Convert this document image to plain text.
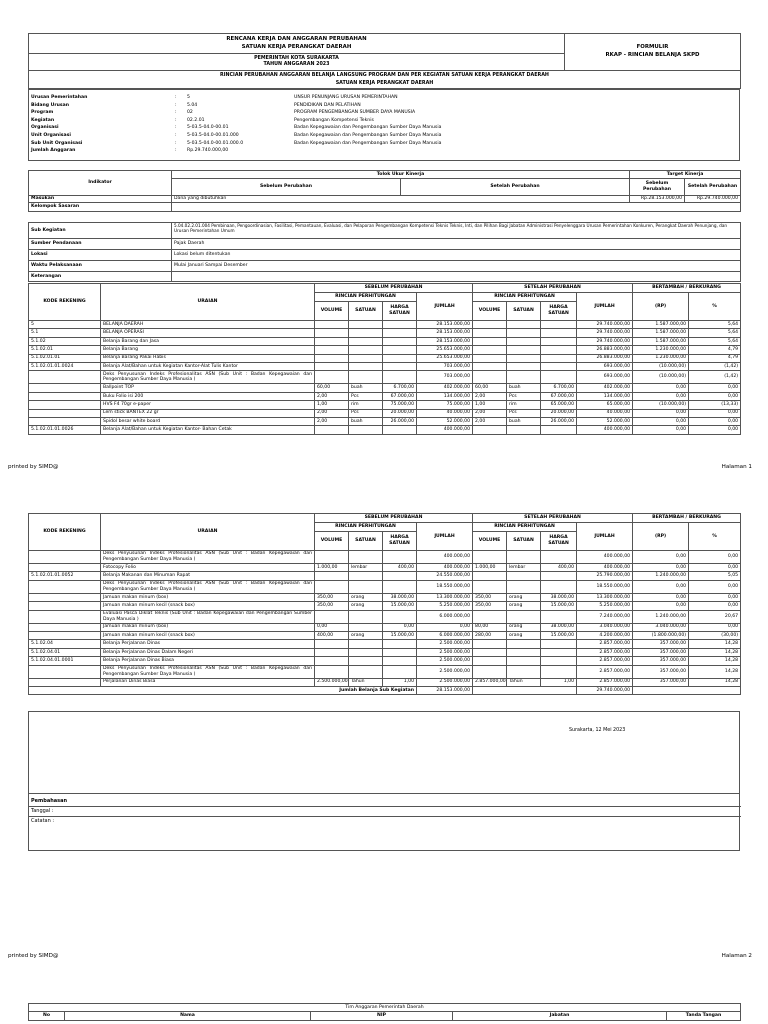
RENCANA KERJA DAN ANGGARAN PERUBAHAN
SATUAN KERJA PERANGKAT DAERAH	FORMULIR
RKAP - RINCIAN BELANJA SKPD

PEMERINTAH KOTA SURAKARTA
TAHUN ANGGARAN 2023

RINCIAN PERUBAHAN ANGGARAN BELANJA LANGSUNG PROGRAM DAN PER KEGIATAN SATUAN KERJA PERANGKAT DAERAH
SATUAN KERJA PERANGKAT DAERAH
Urusan Pemerintahan	: 5	UNSUR PENUNJANG URUSAN PEMERINTAHAN
Bidang Urusan	: 5.04	PENDIDIKAN DAN PELATIHAN
Program	: 02	PROGRAM PENGEMBANGAN SUMBER DAYA MANUSIA
Kegiatan	: 02.2.01	Pengembangan Kompetensi Teknis
Organisasi	: 5-03.5-04.0-00.01	Badan Kepegawaian dan Pengembangan Sumber Daya Manusia
Unit Organisasi	: 5-03.5-04.0-00.01.000	Badan Kepegawaian dan Pengembangan Sumber Daya Manusia
Sub Unit Organisasi	: 5-03.5-04.0-00.01.000.0	Badan Kepegawaian dan Pengembangan Sumber Daya Manusia
Jumlah Anggaran	: Rp.29.740.000,00
Indikator	Tolok Ukur Kinerja		Target Kinerja	
	Sebelum Perubahan	Setelah Perubahan	Sebelum Perubahan	Setelah Perubahan
Masukan	Dana yang dibutuhkan		Rp.28.153.000,00	Rp.29.740.000,00
Kelompok Sasaran				
Sub Kegiatan	5.04.02.2.01.004 Pembinaan, Pengoordinasian, Fasilitasi, Pemantauan, Evaluasi, dan Pelaporan Pengembangan Kompetensi Teknis Teknis, Inti, dan Pilihan Bagi Jabatan Administrasi Penyelenggara Urusan Pemerintahan Konkuren, Perangkat Daerah Penunjang, dan Urusan Pemerintahan Umum
Sumber Pendanaan	Pajak Daerah
Lokasi	Lokasi belum ditentukan
Waktu Pelaksanaan	Mulai Januari Sampai Desember
Keterangan	
KODE REKENING	URAIAN	SEBELUM PERUBAHAN				SETELAH PERUBAHAN				BERTAMBAH / BERKURANG	
		RINCIAN PERHITUNGAN			JUMLAH	RINCIAN PERHITUNGAN			JUMLAH	(RP)	%
		VOLUME	SATUAN	HARGA SATUAN		VOLUME	SATUAN	HARGA SATUAN			
5	BELANJA DAERAH				28.153.000,00				29.740.000,00	1.587.000,00	5,64
5.1	BELANJA OPERASI				28.153.000,00				29.740.000,00	1.587.000,00	5,64
5.1.02	Belanja Barang dan Jasa				28.153.000,00				29.740.000,00	1.587.000,00	5,64
5.1.02.01	Belanja Barang				25.653.000,00				26.883.000,00	1.230.000,00	4,79
5.1.02.01.01	Belanja Barang Pakai Habis				25.653.000,00				26.883.000,00	1.230.000,00	4,79
5.1.02.01.01.0024	Belanja Alat/Bahan untuk Kegiatan Kantor-Alat Tulis Kantor				703.000,00				693.000,00	(10.000,00)	(1,42)
	Deks Penyusunan Indeks Profesionalitas ASN (Sub Unit : Badan Kepegawaian dan Pengembangan Sumber Daya Manusia )				703.000,00				693.000,00	(10.000,00)	(1,42)
	Ballpoint TOP	60,00	buah	6.700,00	402.000,00	60,00	buah	6.700,00	402.000,00	0,00	0,00
	Buku Folio isi 200	2,00	Pcs	67.000,00	134.000,00	2,00	Pcs	67.000,00	134.000,00	0,00	0,00
	HVS F4 70gr e-paper	1,00	rim	75.000,00	75.000,00	1,00	rim	65.000,00	65.000,00	(10.000,00)	(13,33)
	Lem stick BANTEX 22 gr	2,00	Pcs	20.000,00	40.000,00	2,00	Pcs	20.000,00	40.000,00	0,00	0,00
	Spidol besar white board	2,00	buah	26.000,00	52.000,00	2,00	buah	26.000,00	52.000,00	0,00	0,00
5.1.02.01.01.0026	Belanja Alat/Bahan untuk Kegiatan Kantor- Bahan Cetak				400.000,00				400.000,00	0,00	0,00
printed by SIMD@	Halaman 1
KODE REKENING	URAIAN	SEBELUM PERUBAHAN				SETELAH PERUBAHAN				BERTAMBAH / BERKURANG	
		RINCIAN PERHITUNGAN			JUMLAH	RINCIAN PERHITUNGAN			JUMLAH	(RP)	%
		VOLUME	SATUAN	HARGA SATUAN		VOLUME	SATUAN	HARGA SATUAN			
	Deks Penyusunan Indeks Profesionalitas ASN (Sub Unit : Badan Kepegawaian dan Pengembangan Sumber Daya Manusia )				400.000,00				400.000,00	0,00	0,00
	Fotocopy Folio	1.000,00	lembar	400,00	400.000,00	1.000,00	lembar	400,00	400.000,00	0,00	0,00
5.1.02.01.01.0052	Belanja Makanan dan Minuman Rapat				24.550.000,00				25.790.000,00	1.240.000,00	5,05
	Deks Penyusunan Indeks Profesionalitas ASN (Sub Unit : Badan Kepegawaian dan Pengembangan Sumber Daya Manusia )				18.550.000,00				18.550.000,00	0,00	0,00
	Jamuan makan minum (box)	350,00	orang	38.000,00	13.300.000,00	350,00	orang	38.000,00	13.300.000,00	0,00	0,00
	Jamuan makan minum kecil (snack box)	350,00	orang	15.000,00	5.250.000,00	350,00	orang	15.000,00	5.250.000,00	0,00	0,00
	Evaluasi Pasca Diklat Teknis (Sub Unit : Badan Kepegawaian dan Pengembangan Sumber Daya Manusia )				6.000.000,00				7.240.000,00	1.240.000,00	20,67
	Jamuan makan minum (box)	0,00		0,00	0,00	80,00	orang	38.000,00	3.040.000,00	3.040.000,00	0,00
	Jamuan makan minum kecil (snack box)	400,00	orang	15.000,00	6.000.000,00	280,00	orang	15.000,00	4.200.000,00	(1.800.000,00)	(30,00)
5.1.02.04	Belanja Perjalanan Dinas				2.500.000,00				2.857.000,00	357.000,00	14,28
5.1.02.04.01	Belanja Perjalanan Dinas Dalam Negeri				2.500.000,00				2.857.000,00	357.000,00	14,28
5.1.02.04.01.0001	Belanja Perjalanan Dinas Biasa				2.500.000,00				2.857.000,00	357.000,00	14,28
	Deks Penyusunan Indeks Profesionalitas ASN (Sub Unit : Badan Kepegawaian dan Pengembangan Sumber Daya Manusia )				2.500.000,00				2.857.000,00	357.000,00	14,28
	Perjalanan Dinas Biasa	2.500.000,00	Tahun	1,00	2.500.000,00	2.857.000,00	Tahun	1,00	2.857.000,00	357.000,00	14,28
Jumlah Belanja Sub Kegiatan					28.153.000,00				29.740.000,00		
Surakarta, 12 Mei 2023
Pembahasan
Tanggal :
Catatan :
printed by SIMD@	Halaman 2
Tim Anggaran Pemerintah Daerah
No	Nama	NIP	Jabatan	Tanda Tangan
